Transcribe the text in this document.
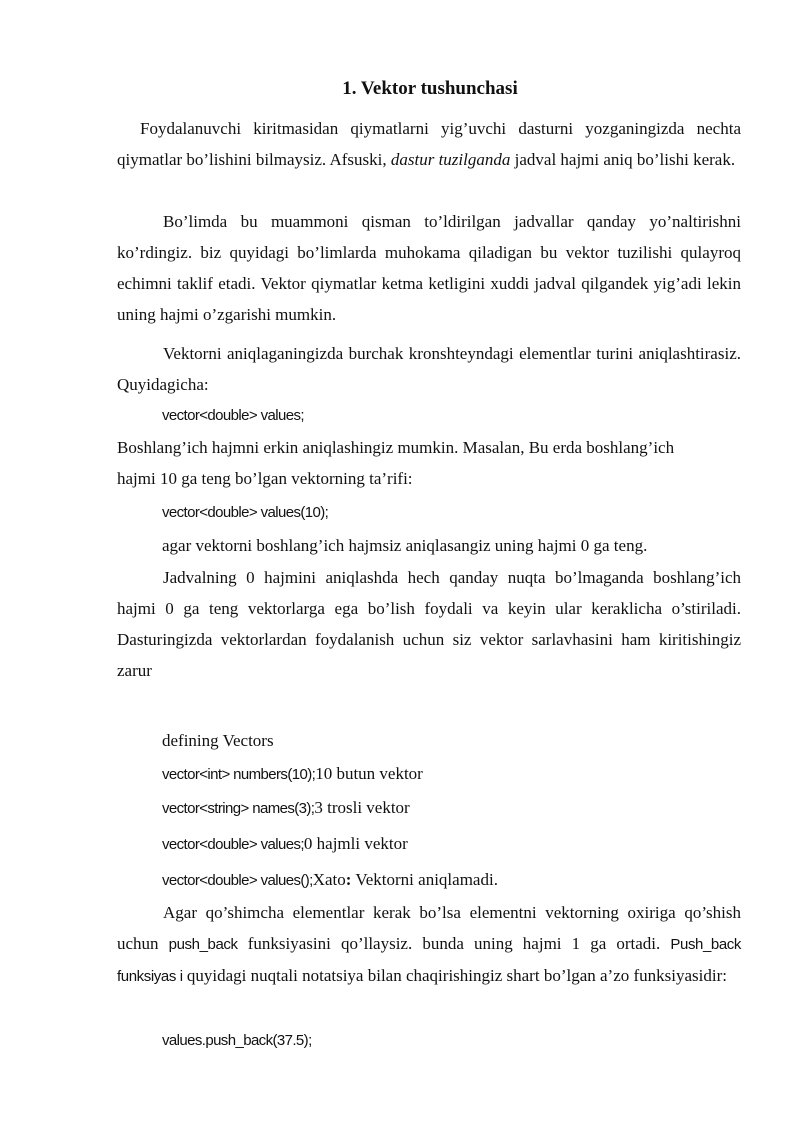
1. Vektor tushunchasi
Foydalanuvchi kiritmasidan qiymatlarni yig’uvchi dasturni yozganingizda nechta qiymatlar bo’lishini bilmaysiz. Afsuski, dastur tuzilganda jadval hajmi aniq bo’lishi kerak.
Bo’limda bu muammoni qisman to’ldirilgan jadvallar qanday yo’naltirishni ko’rdingiz. biz quyidagi bo’limlarda muhokama qiladigan bu vektor tuzilishi qulayroq echimni taklif etadi. Vektor qiymatlar ketma ketligini xuddi jadval qilgandek yig’adi lekin uning hajmi o’zgarishi mumkin.
Vektorni aniqlaganingizda burchak kronshteyndagi elementlar turini aniqlashtirasiz. Quyidagicha:
vector<double> values;
Boshlang’ich hajmni erkin aniqlashingiz mumkin. Masalan, Bu erda boshlang’ich
hajmi 10 ga teng bo’lgan vektorning ta’rifi:
vector<double> values(10);
agar vektorni boshlang’ich hajmsiz aniqlasangiz uning hajmi 0 ga teng.
Jadvalning 0 hajmini aniqlashda hech qanday nuqta bo’lmaganda boshlang’ich hajmi 0 ga teng vektorlarga ega bo’lish foydali va keyin ular keraklicha o’stiriladi. Dasturingizda vektorlardan foydalanish uchun siz vektor sarlavhasini ham kiritishingiz zarur
defining Vectors
vector<int> numbers(10);10 butun vektor
vector<string> names(3);3 trosli vektor
vector<double> values;0 hajmli vektor
vector<double> values();Xato: Vektorni aniqlamadi.
Agar qo’shimcha elementlar kerak bo’lsa elementni vektorning oxiriga qo’shish uchun push_back funksiyasini qo’llaysiz. bunda uning hajmi 1 ga ortadi. Push_back funksiyas i quyidagi nuqtali notatsiya bilan chaqirishingiz shart bo’lgan a’zo funksiyasidir:
values.push_back(37.5);
